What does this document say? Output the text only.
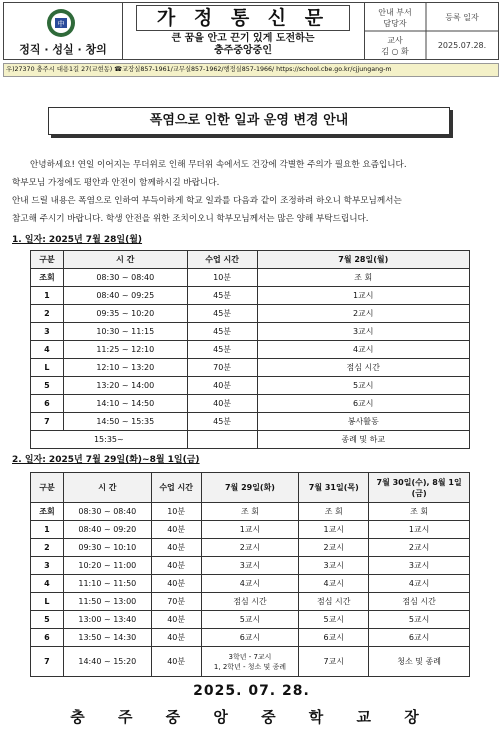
中
정직 · 성실 · 창의
가 정 통 신 문
큰 꿈을 안고 끈기 있게 도전하는
충주중앙중인
안내 부서
담당자
등록 일자
교사
김 ○ 화
2025.07.28.
우)27370 충주시 대용1길 27(교현동) ☎교장실857-1961/교무실857-1962/행정실857-1966/ https://school.cbe.go.kr/cjjungang-m
폭염으로 인한 일과 운영 변경 안내

안녕하세요! 연일 이어지는 무더위로 인해 무더위 속에서도 건강에 각별한 주의가 필요한 요즘입니다.

학부모님 가정에도 평안과 안전이 함께하시길 바랍니다.

안내 드릴 내용은 폭염으로 인하여 부득이하게 학교 일과를 다음과 같이 조정하려 하오니 학부모님께서는

참고해 주시기 바랍니다. 학생 안전을 위한 조치이오니 학부모님께서는 많은 양해 부탁드립니다.

1. 일자: 2025년 7월 28일(월)
구분	시 간	수업 시간	7월 28일(월)
조회	08:30 ~ 08:40	10분	조 회
1	08:40 ~ 09:25	45분	1교시
2	09:35 ~ 10:20	45분	2교시
3	10:30 ~ 11:15	45분	3교시
4	11:25 ~ 12:10	45분	4교시
L	12:10 ~ 13:20	70분	점심 시간
5	13:20 ~ 14:00	40분	5교시
6	14:10 ~ 14:50	40분	6교시
7	14:50 ~ 15:35	45분	봉사활동
15:35~			종례 및 하교
2. 일자: 2025년 7월 29일(화)~8월 1일(금)
구분	시 간	수업 시간	7월 29일(화)	7월 31일(목)	7월 30일(수), 8월 1일(금)
조회	08:30 ~ 08:40	10분	조 회	조 회	조 회
1	08:40 ~ 09:20	40분	1교시	1교시	1교시
2	09:30 ~ 10:10	40분	2교시	2교시	2교시
3	10:20 ~ 11:00	40분	3교시	3교시	3교시
4	11:10 ~ 11:50	40분	4교시	4교시	4교시
L	11:50 ~ 13:00	70분	점심 시간	점심 시간	점심 시간
5	13:00 ~ 13:40	40분	5교시	5교시	5교시
6	13:50 ~ 14:30	40분	6교시	6교시	6교시
7	14:40 ~ 15:20	40분	3학년 - 7교시
1, 2학년 - 청소 및 종례	7교시	청소 및 종례
2025. 07. 28.
충 주 중 앙 중 학 교 장
